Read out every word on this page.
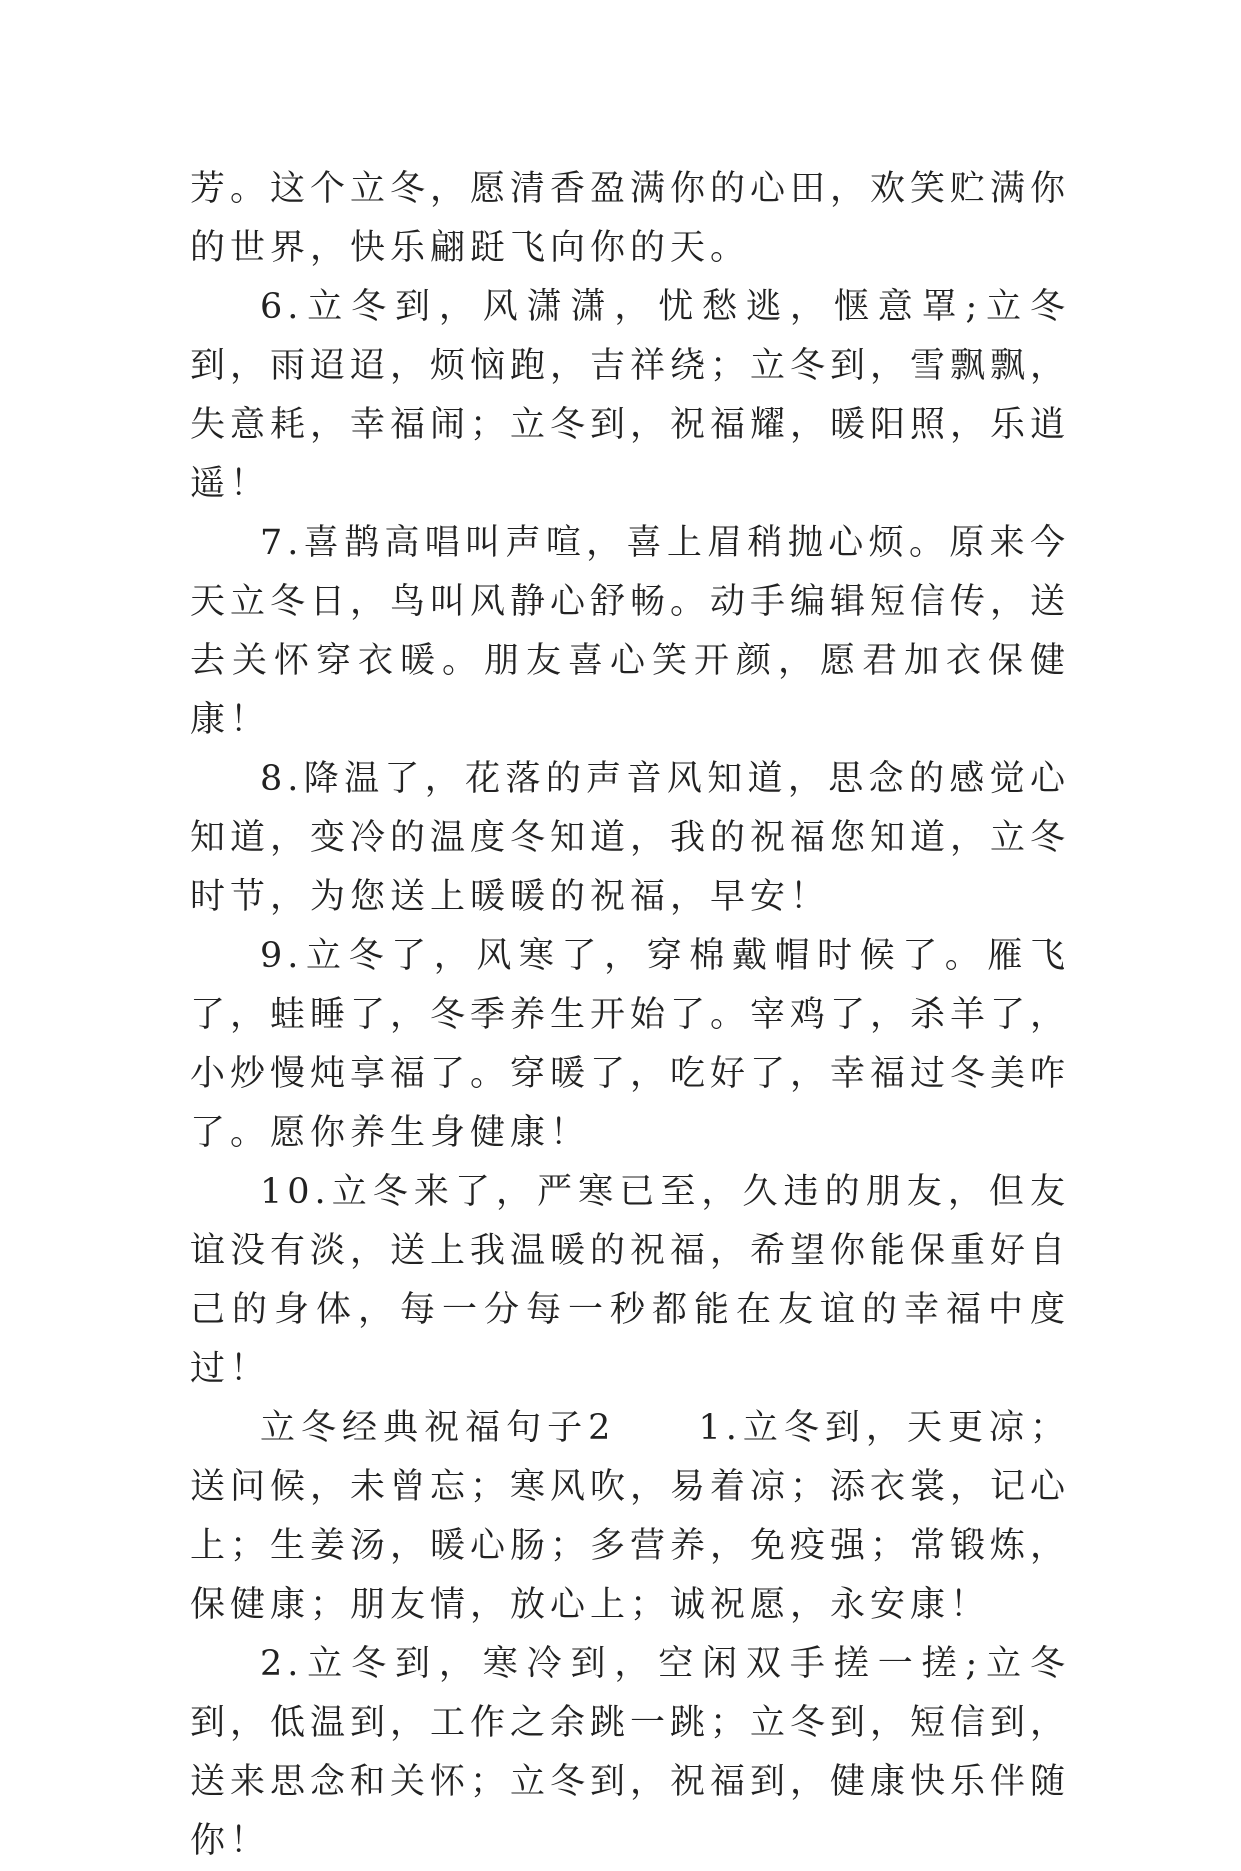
芳。这个立冬，愿清香盈满你的心田，欢笑贮满你的世界，快乐翩跹飞向你的天。

6.立冬到，风潇潇，忧愁逃，惬意罩;立冬到，雨迢迢，烦恼跑，吉祥绕；立冬到，雪飘飘，失意耗，幸福闹；立冬到，祝福耀，暖阳照，乐逍遥！

7.喜鹊高唱叫声喧，喜上眉稍抛心烦。原来今天立冬日，鸟叫风静心舒畅。动手编辑短信传，送去关怀穿衣暖。朋友喜心笑开颜，愿君加衣保健康！

8.降温了，花落的声音风知道，思念的感觉心知道，变冷的温度冬知道，我的祝福您知道，立冬时节，为您送上暖暖的祝福，早安！

9.立冬了，风寒了，穿棉戴帽时候了。雁飞了，蛙睡了，冬季养生开始了。宰鸡了，杀羊了，小炒慢炖享福了。穿暖了，吃好了，幸福过冬美咋了。愿你养生身健康！

10.立冬来了，严寒已至，久违的朋友，但友谊没有淡，送上我温暖的祝福，希望你能保重好自己的身体，每一分每一秒都能在友谊的幸福中度过！

立冬经典祝福句子2　　1.立冬到，天更凉；送问候，未曾忘；寒风吹，易着凉；添衣裳，记心上；生姜汤，暖心肠；多营养，免疫强；常锻炼，保健康；朋友情，放心上；诚祝愿，永安康！

2.立冬到，寒冷到，空闲双手搓一搓;立冬到，低温到，工作之余跳一跳；立冬到，短信到，送来思念和关怀；立冬到，祝福到，健康快乐伴随你！
